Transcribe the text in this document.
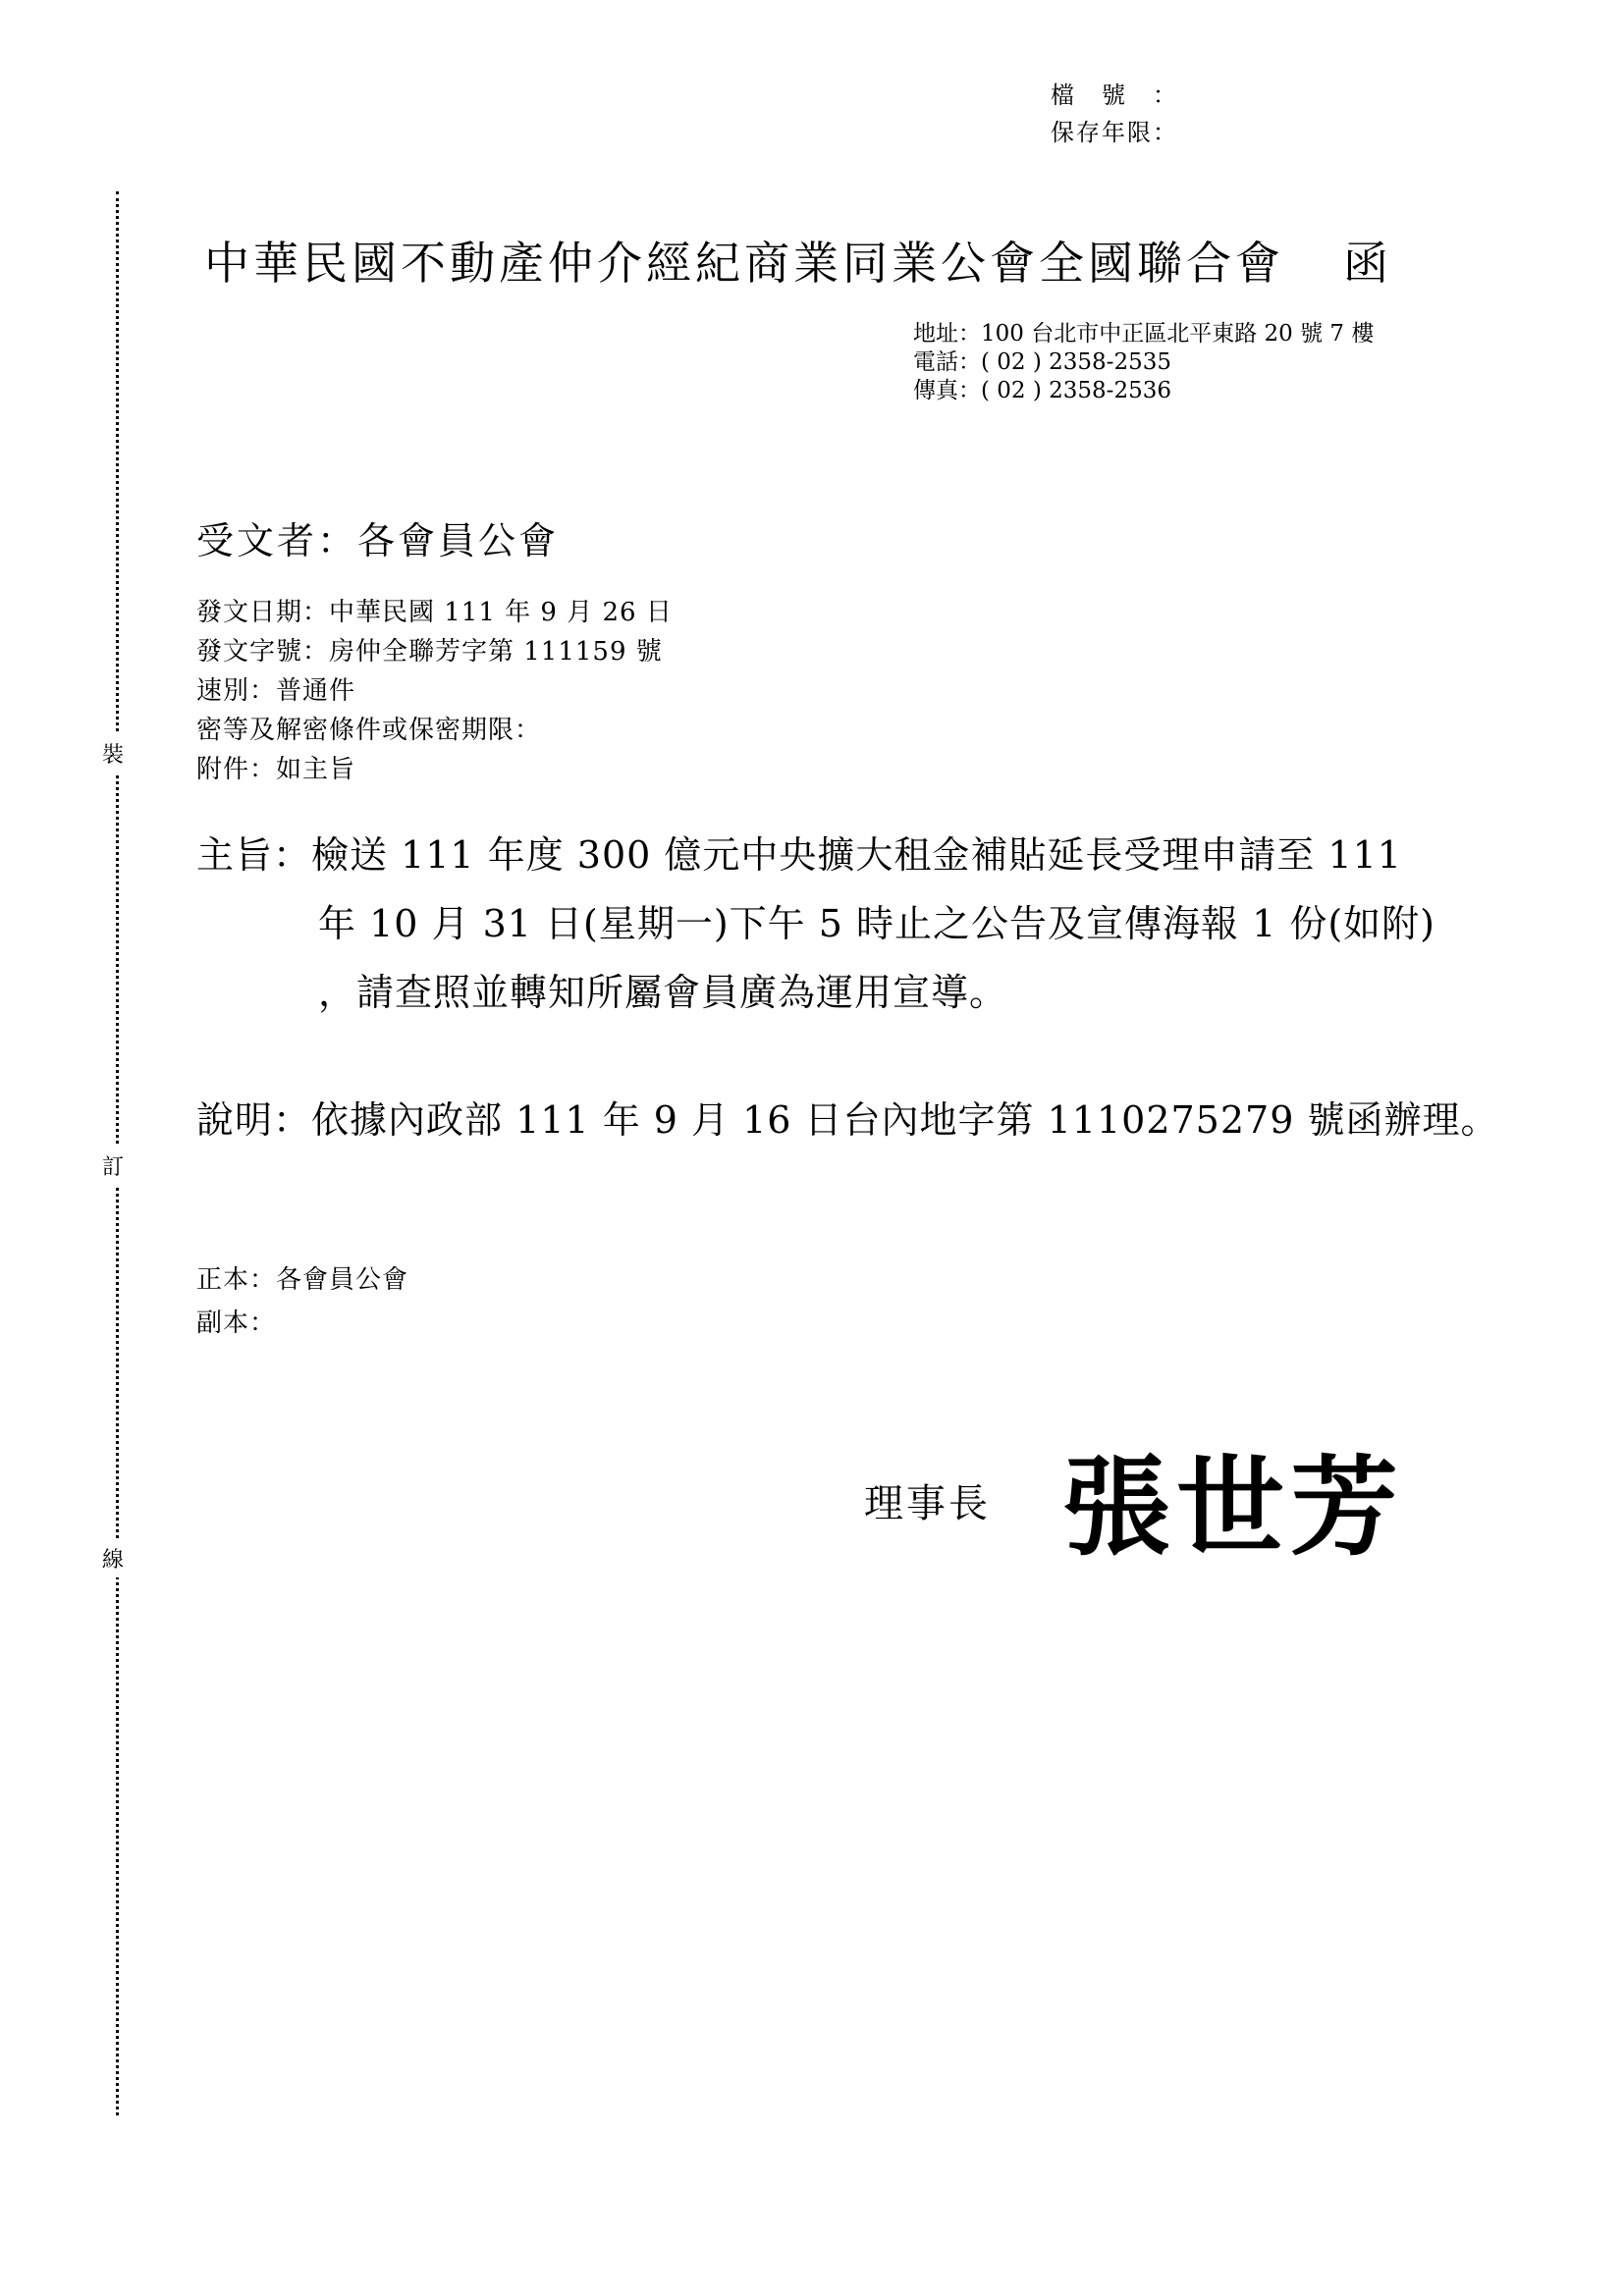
檔號：
保存年限：
裝
訂
線
中華民國不動產仲介經紀商業同業公會全國聯合會 函
地址：100 台北市中正區北平東路 20 號 7 樓
電話：( 02 ) 2358-2535
傳真：( 02 ) 2358-2536
受文者：各會員公會
發文日期：中華民國 111 年 9 月 26 日
發文字號：房仲全聯芳字第 111159 號
速別：普通件
密等及解密條件或保密期限：
附件：如主旨
主旨：檢送 111 年度 300 億元中央擴大租金補貼延長受理申請至 111
年 10 月 31 日(星期一)下午 5 時止之公告及宣傳海報 1 份(如附)
，請查照並轉知所屬會員廣為運用宣導。
說明：依據內政部 111 年 9 月 16 日台內地字第 1110275279 號函辦理。
正本：各會員公會
副本：
理事長 張世芳
